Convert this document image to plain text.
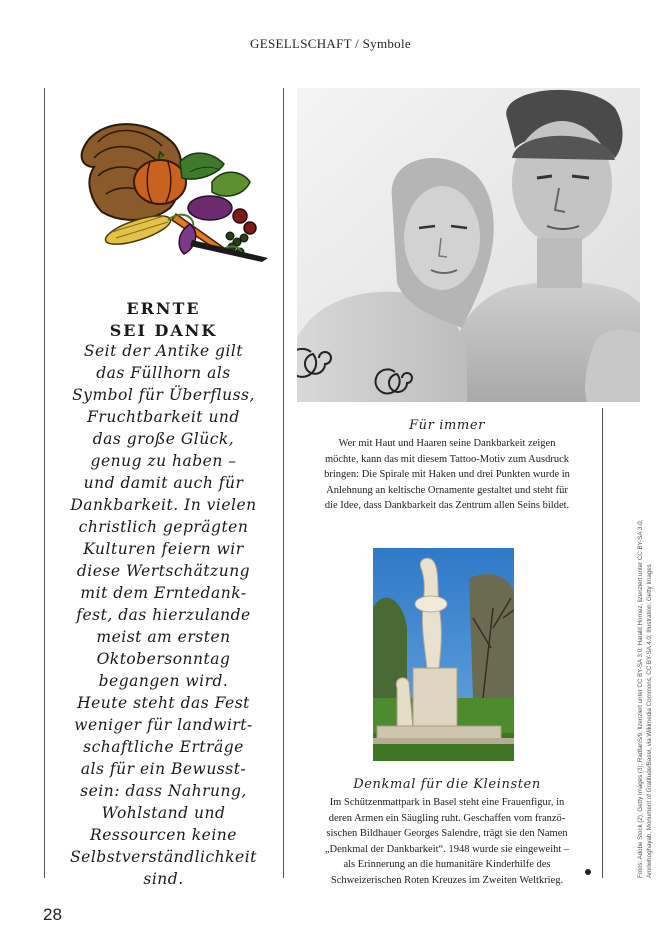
GESELLSCHAFT / Symbole
ERNTE
SEI DANK
Seit der Antike gilt
das Füllhorn als
Symbol für Überfluss,
Fruchtbarkeit und
das große Glück,
genug zu haben –
und damit auch für
Dankbarkeit. In vielen
christlich geprägten
Kulturen feiern wir
diese Wertschätzung
mit dem Erntedank-
fest, das hierzulande
meist am ersten
Oktobersonntag
begangen wird.
Heute steht das Fest
weniger für landwirt-
schaftliche Erträge
als für ein Bewusst-
sein: dass Nahrung,
Wohlstand und
Ressourcen keine
Selbstverständlichkeit
sind.
Für immer
Wer mit Haut und Haaren seine Dankbarkeit zeigen
möchte, kann das mit diesem Tattoo-Motiv zum Ausdruck
bringen: Die Spirale mit Haken und drei Punkten wurde in
Anlehnung an keltische Ornamente gestaltet und steht für
die Idee, dass Dankbarkeit das Zentrum allen Seins bildet.
Denkmal für die Kleinsten
Im Schützenmattpark in Basel steht eine Frauenfigur, in
deren Armen ein Säugling ruht. Geschaffen vom franzö-
sischen Bildhauer Georges Salendre, trägt sie den Namen
„Denkmal der Dankbarkeit“. 1948 wurde sie eingeweiht –
als Erinnerung an die humanitäre Kinderhilfe des
Schweizerischen Roten Kreuzes im Zweiten Weltkrieg.
Fotos: Adobe Stock (2), Getty Images (3); RadfanS/9, lizenziert unter CC BY-SA 3.0; Harald Hornez, lizenziert unter CC BY-SA 3.0; Amriwhoghayab, Monument of Gratitude/Basel, via Wikimedia Commons, CC BY-SA 4.0; Illustration: Getty Images
28
